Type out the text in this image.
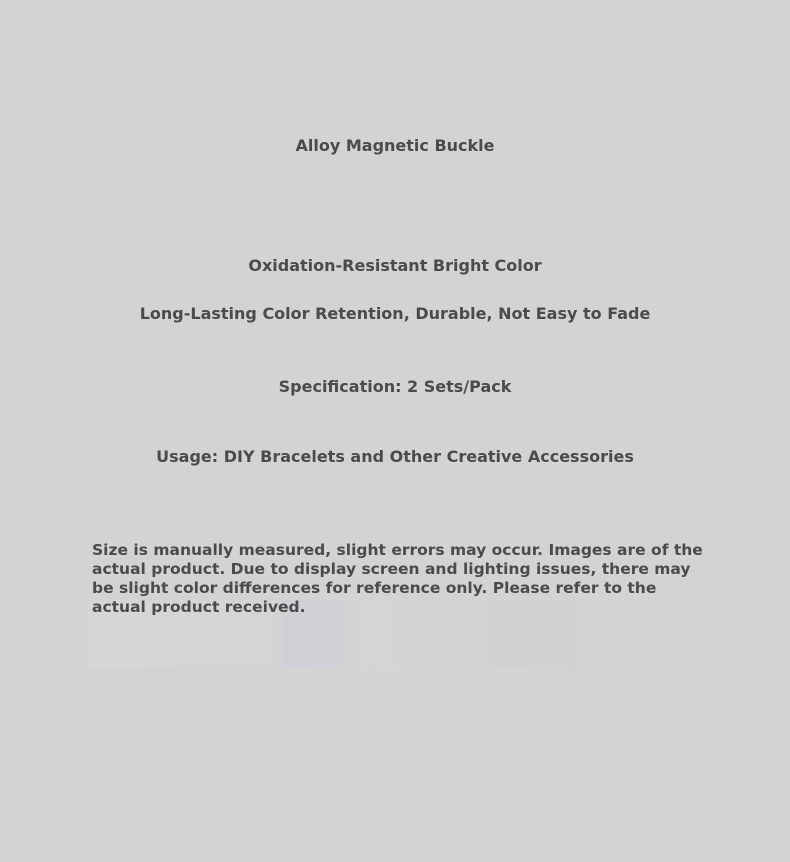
Alloy Magnetic Buckle
Oxidation-Resistant Bright Color
Long-Lasting Color Retention, Durable, Not Easy to Fade
Specification: 2 Sets/Pack
Usage: DIY Bracelets and Other Creative Accessories
Size is manually measured, slight errors may occur. Images are of the actual product. Due to display screen and lighting issues, there may be slight color differences for reference only. Please refer to the actual product received.
